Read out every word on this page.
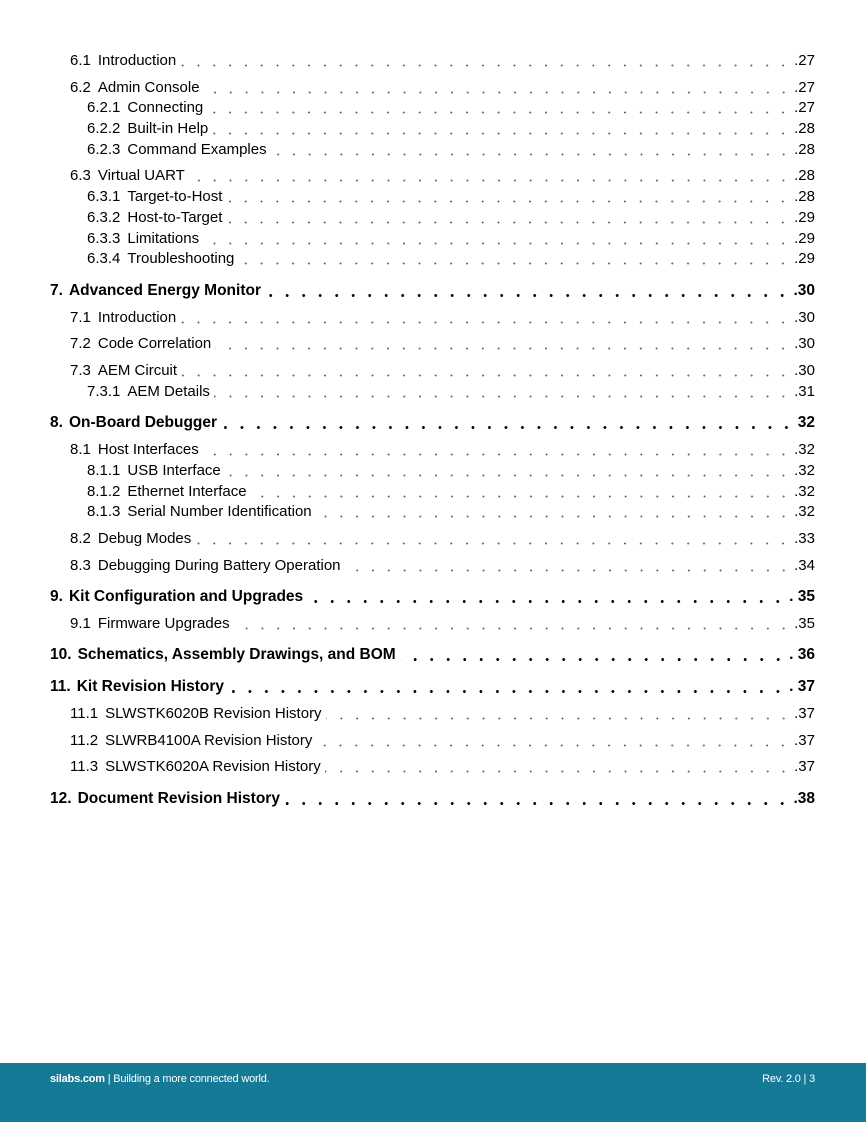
6.1 Introduction	.27
6.2 Admin Console	.27
6.2.1 Connecting	.27
6.2.2 Built-in Help	.28
6.2.3 Command Examples	.28
6.3 Virtual UART	.28
6.3.1 Target-to-Host	.28
6.3.2 Host-to-Target	.29
6.3.3 Limitations	.29
6.3.4 Troubleshooting	.29
7. Advanced Energy Monitor	.30
7.1 Introduction	.30
7.2 Code Correlation	.30
7.3 AEM Circuit	.30
7.3.1 AEM Details	.31
8. On-Board Debugger	32
8.1 Host Interfaces	.32
8.1.1 USB Interface	.32
8.1.2 Ethernet Interface	.32
8.1.3 Serial Number Identification	.32
8.2 Debug Modes	.33
8.3 Debugging During Battery Operation	.34
9. Kit Configuration and Upgrades	. 35
9.1 Firmware Upgrades	.35
10. Schematics, Assembly Drawings, and BOM	. 36
11. Kit Revision History	. 37
11.1 SLWSTK6020B Revision History	.37
11.2 SLWRB4100A Revision History	.37
11.3 SLWSTK6020A Revision History	.37
12. Document Revision History	.38
silabs.com | Building a more connected world.	Rev. 2.0 | 3
